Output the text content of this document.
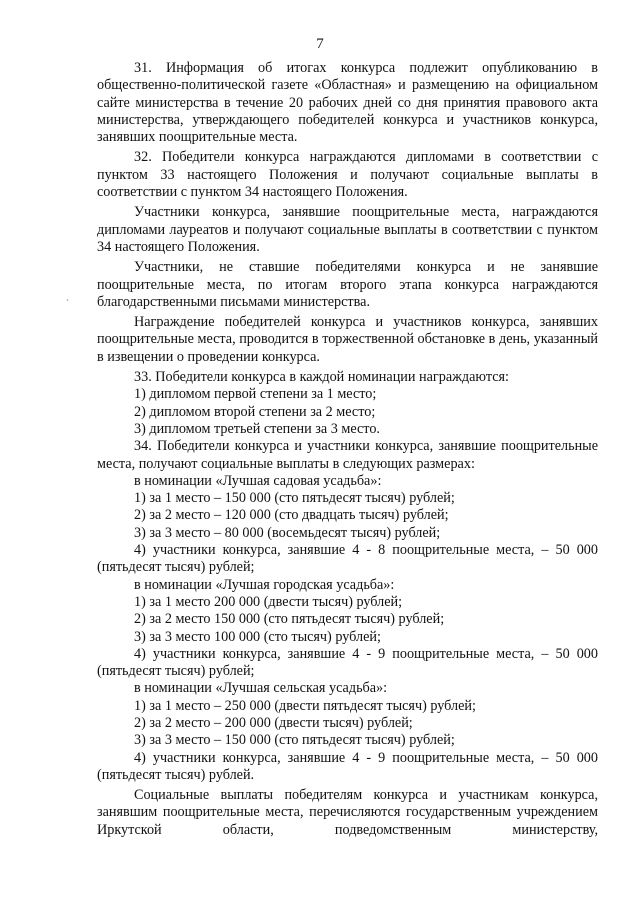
7
`

31. Информация об итогах конкурса подлежит опубликованию в общественно-политической газете «Областная» и размещению на официальном сайте министерства в течение 20 рабочих дней со дня принятия правового акта министерства, утверждающего победителей конкурса и участников конкурса, занявших поощрительные места.

32. Победители конкурса награждаются дипломами в соответствии с пунктом 33 настоящего Положения и получают социальные выплаты в соответствии с пунктом 34 настоящего Положения.

Участники конкурса, занявшие поощрительные места, награждаются дипломами лауреатов и получают социальные выплаты в соответствии с пунктом 34 настоящего Положения.

Участники, не ставшие победителями конкурса и не занявшие поощрительные места, по итогам второго этапа конкурса награждаются благодарственными письмами министерства.

Награждение победителей конкурса и участников конкурса, занявших поощрительные места, проводится в торжественной обстановке в день, указанный в извещении о проведении конкурса.

33. Победители конкурса в каждой номинации награждаются:

1) дипломом первой степени за 1 место;

2) дипломом второй степени за 2 место;

3) дипломом третьей степени за 3 место.

34. Победители конкурса и участники конкурса, занявшие поощрительные места, получают социальные выплаты в следующих размерах:

в номинации «Лучшая садовая усадьба»:

1) за 1 место – 150 000 (сто пятьдесят тысяч) рублей;

2) за 2 место – 120 000 (сто двадцать тысяч) рублей;

3) за 3 место – 80 000 (восемьдесят тысяч) рублей;

4) участники конкурса, занявшие 4 - 8 поощрительные места, – 50 000 (пятьдесят тысяч) рублей;

в номинации «Лучшая городская усадьба»:

1) за 1 место 200 000 (двести тысяч) рублей;

2) за 2 место 150 000 (сто пятьдесят тысяч) рублей;

3) за 3 место 100 000 (сто тысяч) рублей;

4) участники конкурса, занявшие 4 - 9 поощрительные места, – 50 000 (пятьдесят тысяч) рублей;

в номинации «Лучшая сельская усадьба»:

1) за 1 место – 250 000 (двести пятьдесят тысяч) рублей;

2) за 2 место – 200 000 (двести тысяч) рублей;

3) за 3 место – 150 000 (сто пятьдесят тысяч) рублей;

4) участники конкурса, занявшие 4 - 9 поощрительные места, – 50 000 (пятьдесят тысяч) рублей.

Социальные выплаты победителям конкурса и участникам конкурса, занявшим поощрительные места, перечисляются государственным учреждением Иркутской области, подведомственным министерству,
